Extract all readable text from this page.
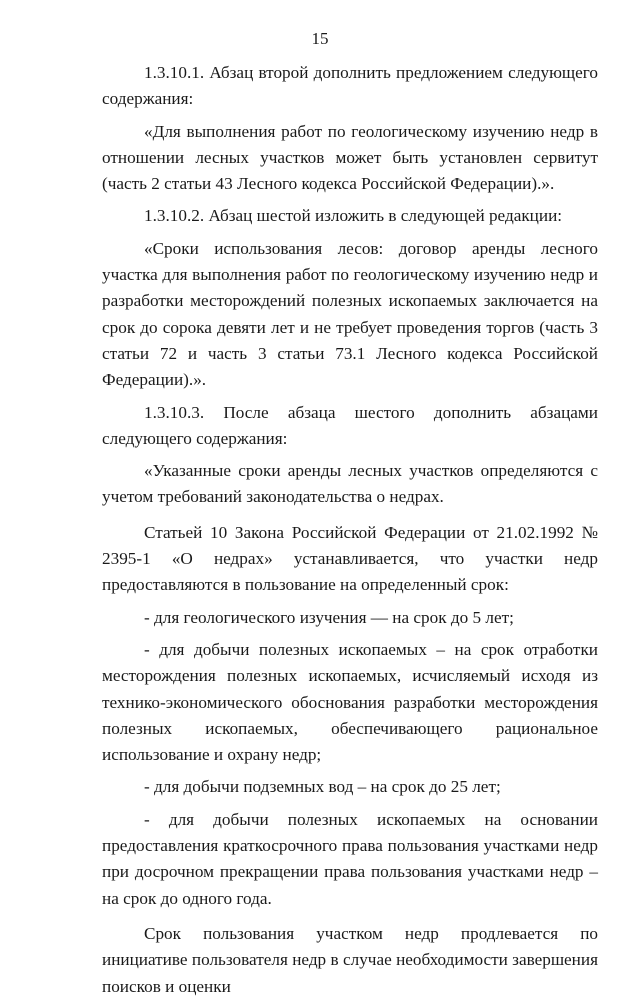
15

1.3.10.1. Абзац второй дополнить предложением следующего содержания:

«Для выполнения работ по геологическому изучению недр в отношении лесных участков может быть установлен сервитут (часть 2 статьи 43 Лесного кодекса Российской Федерации).».

1.3.10.2. Абзац шестой изложить в следующей редакции:

«Сроки использования лесов: договор аренды лесного участка для выполнения работ по геологическому изучению недр и разработки месторождений полезных ископаемых заключается на срок до сорока девяти лет и не требует проведения торгов (часть 3 статьи 72 и часть 3 статьи 73.1 Лесного кодекса Российской Федерации).».

1.3.10.3. После абзаца шестого дополнить абзацами следующего содержания:

«Указанные сроки аренды лесных участков определяются с учетом требований законодательства о недрах.

Статьей 10 Закона Российской Федерации от 21.02.1992 № 2395-1 «О недрах» устанавливается, что участки недр предоставляются в пользование на определенный срок:

- для геологического изучения — на срок до 5 лет;

- для добычи полезных ископаемых – на срок отработки месторождения полезных ископаемых, исчисляемый исходя из технико-экономического обоснования разработки месторождения полезных ископаемых, обеспечивающего рациональное использование и охрану недр;

- для добычи подземных вод – на срок до 25 лет;

- для добычи полезных ископаемых на основании предоставления краткосрочного права пользования участками недр при досрочном прекращении права пользования участками недр – на срок до одного года.

Срок пользования участком недр продлевается по инициативе пользователя недр в случае необходимости завершения поисков и оценки
